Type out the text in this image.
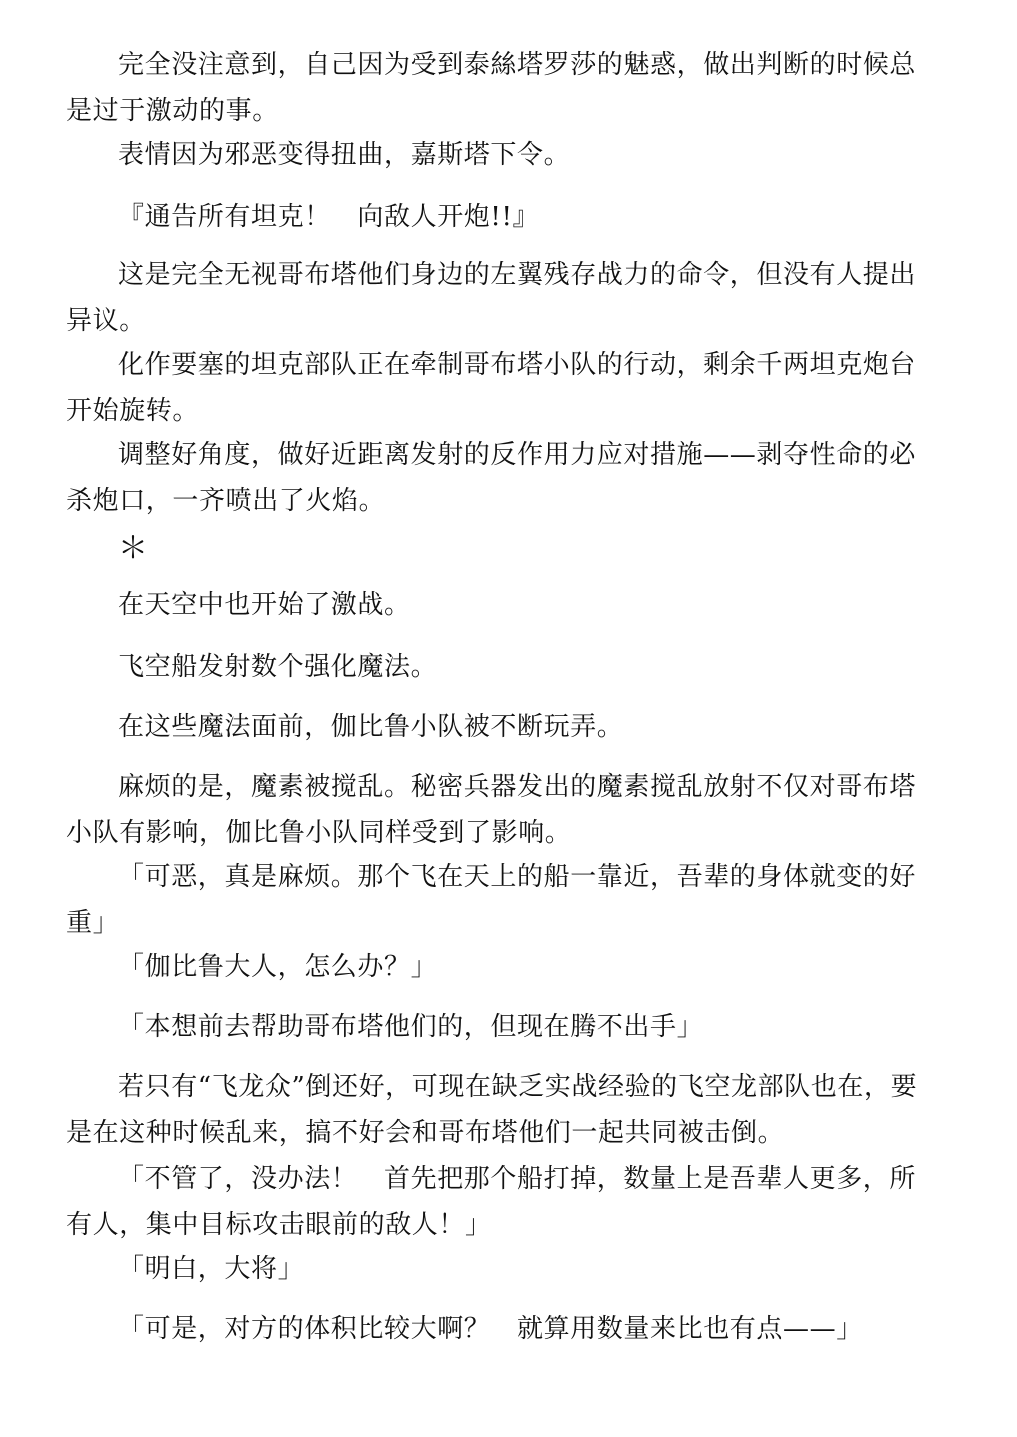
完全没注意到，自己因为受到泰絲塔罗莎的魅惑，做出判断的时候总是过于激动的事。

表情因为邪恶变得扭曲，嘉斯塔下令。

『通告所有坦克！　向敌人开炮!!』

这是完全无视哥布塔他们身边的左翼残存战力的命令，但没有人提出异议。

化作要塞的坦克部队正在牵制哥布塔小队的行动，剩余千两坦克炮台开始旋转。

调整好角度，做好近距离发射的反作用力应对措施——剥夺性命的必杀炮口，一齐喷出了火焰。

＊

在天空中也开始了激战。

飞空船发射数个强化魔法。

在这些魔法面前，伽比鲁小队被不断玩弄。

麻烦的是，魔素被搅乱。秘密兵器发出的魔素搅乱放射不仅对哥布塔小队有影响，伽比鲁小队同样受到了影响。

「可恶，真是麻烦。那个飞在天上的船一靠近，吾辈的身体就变的好重」

「伽比鲁大人，怎么办？」

「本想前去帮助哥布塔他们的，但现在腾不出手」

若只有“飞龙众”倒还好，可现在缺乏实战经验的飞空龙部队也在，要是在这种时候乱来，搞不好会和哥布塔他们一起共同被击倒。

「不管了，没办法！　首先把那个船打掉，数量上是吾辈人更多，所有人，集中目标攻击眼前的敌人！」

「明白，大将」

「可是，对方的体积比较大啊？　就算用数量来比也有点——」
